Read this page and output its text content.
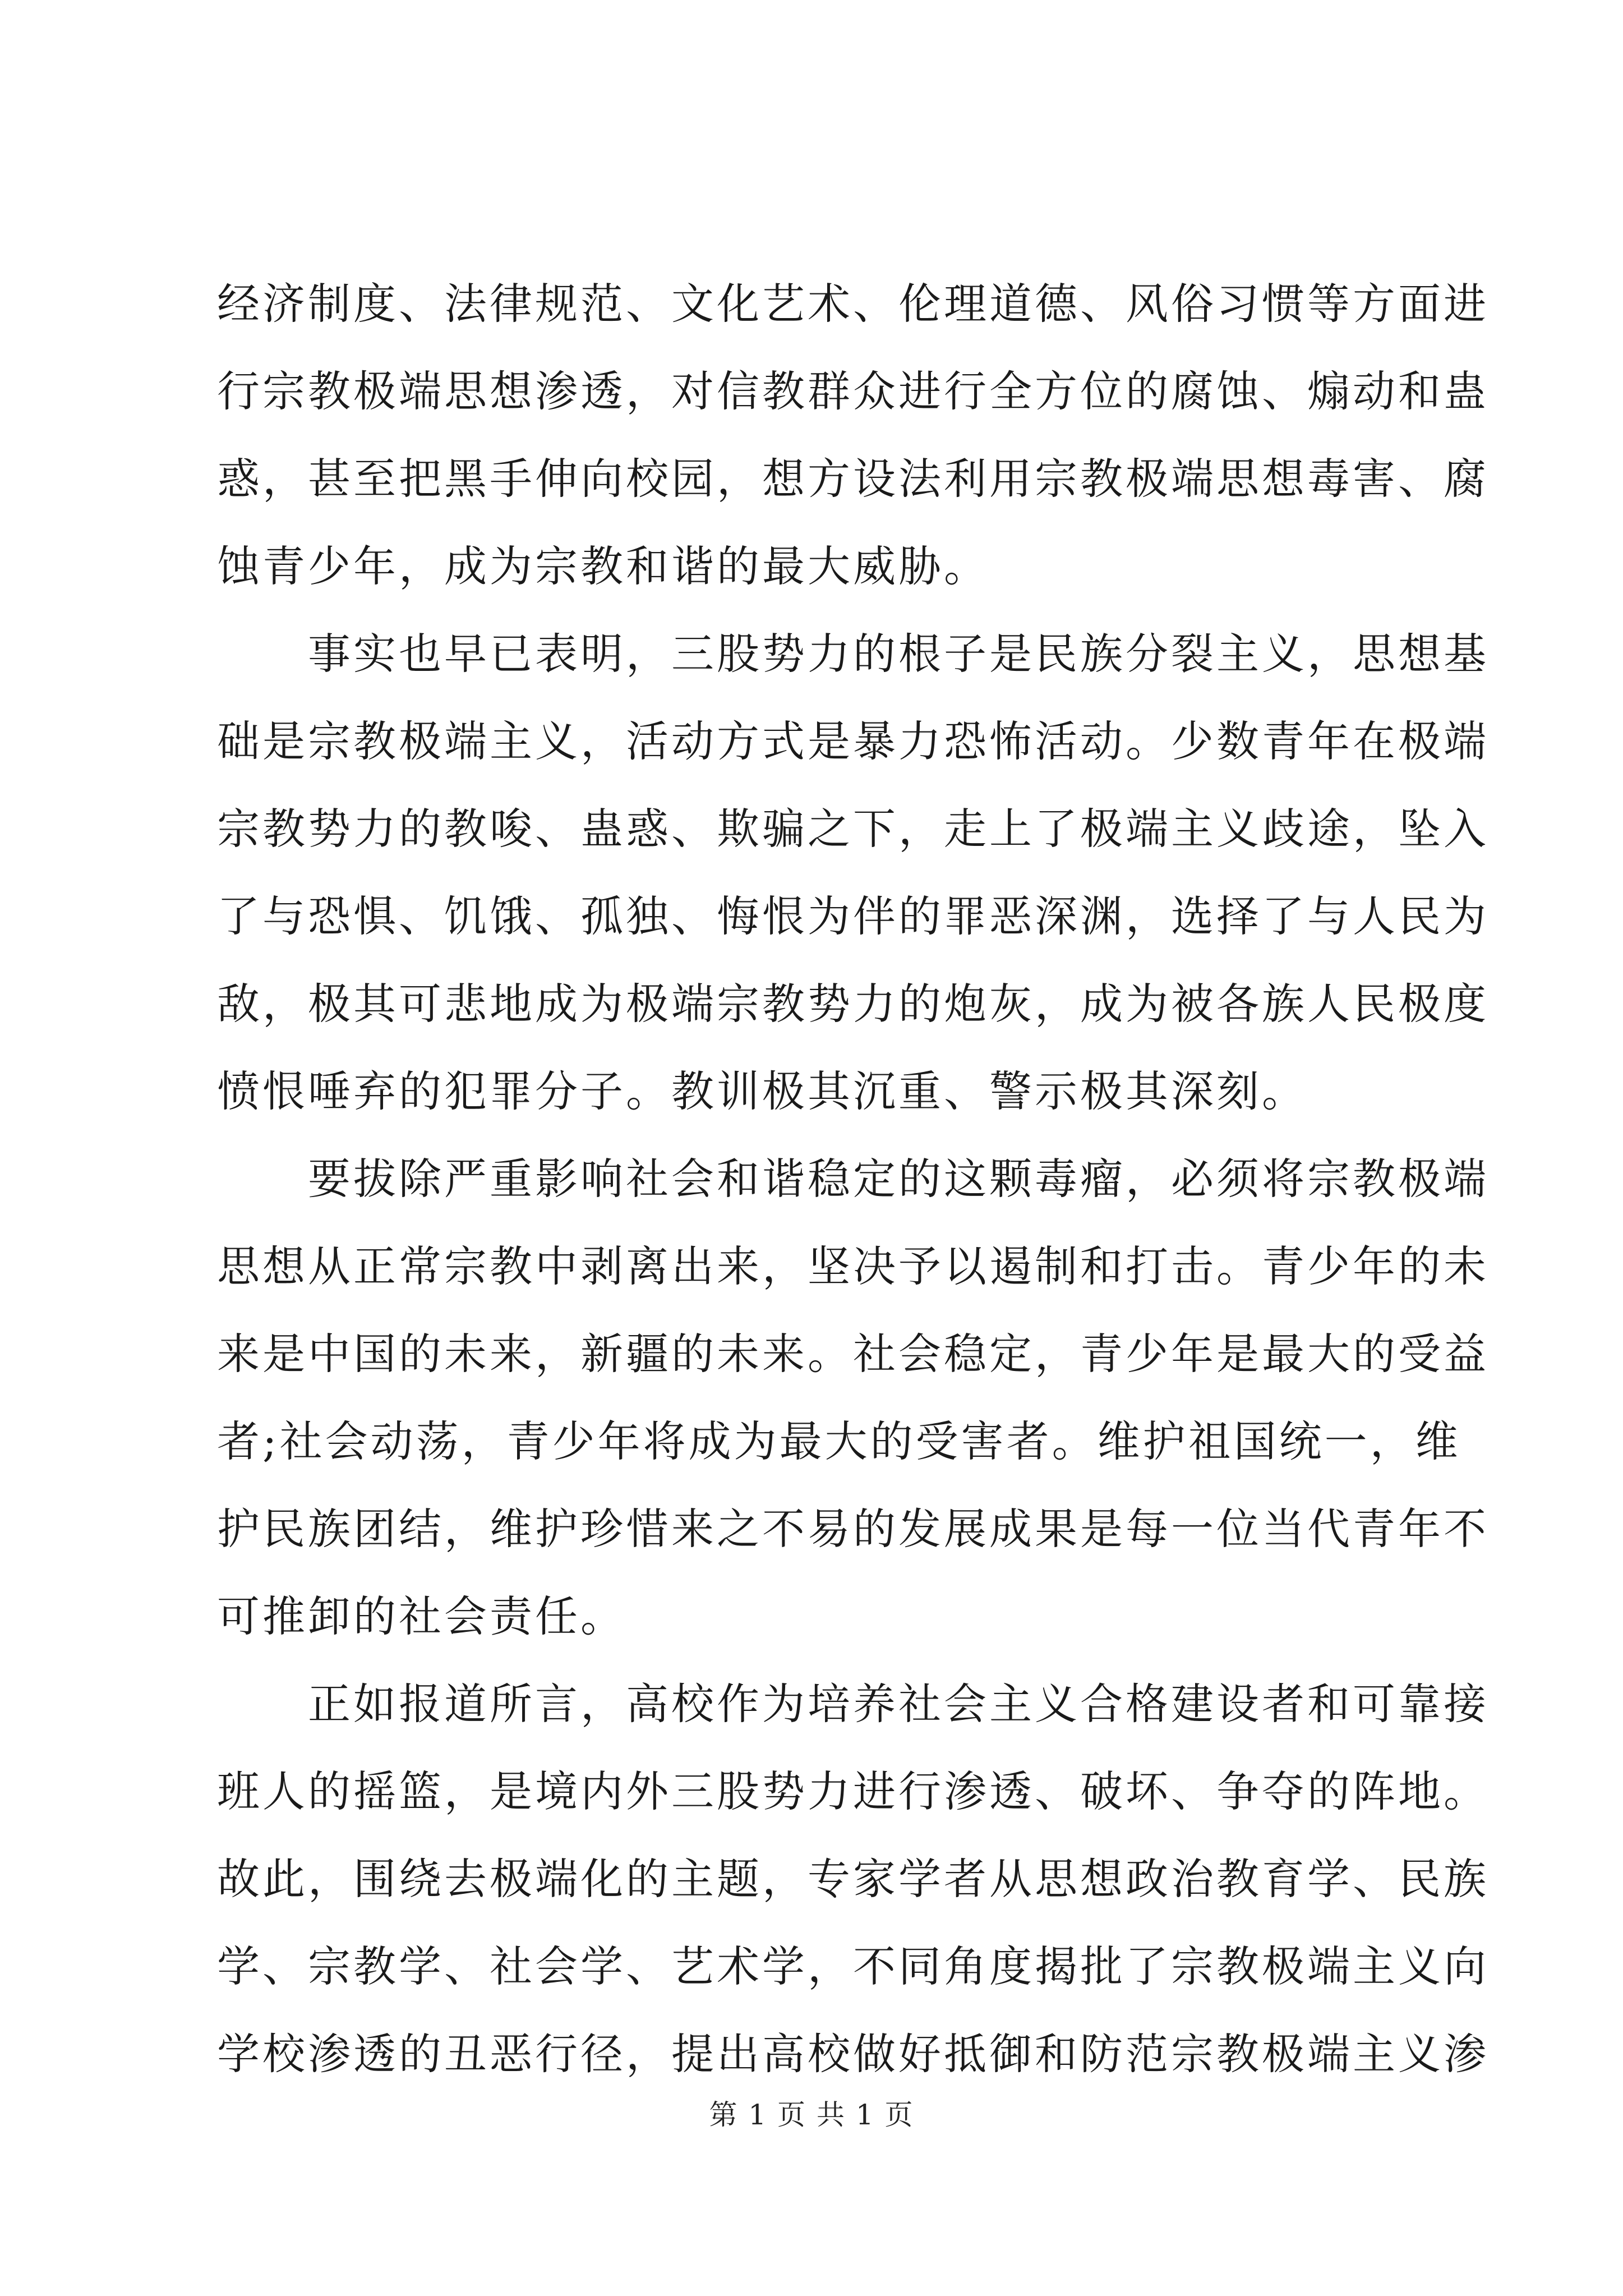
经济制度、法律规范、文化艺术、伦理道德、风俗习惯等方面进
行宗教极端思想渗透，对信教群众进行全方位的腐蚀、煽动和蛊
惑，甚至把黑手伸向校园，想方设法利用宗教极端思想毒害、腐
蚀青少年，成为宗教和谐的最大威胁。

事实也早已表明，三股势力的根子是民族分裂主义，思想基
础是宗教极端主义，活动方式是暴力恐怖活动。少数青年在极端
宗教势力的教唆、蛊惑、欺骗之下，走上了极端主义歧途，坠入
了与恐惧、饥饿、孤独、悔恨为伴的罪恶深渊，选择了与人民为
敌，极其可悲地成为极端宗教势力的炮灰，成为被各族人民极度
愤恨唾弃的犯罪分子。教训极其沉重、警示极其深刻。

要拔除严重影响社会和谐稳定的这颗毒瘤，必须将宗教极端
思想从正常宗教中剥离出来，坚决予以遏制和打击。青少年的未
来是中国的未来，新疆的未来。社会稳定，青少年是最大的受益
者;社会动荡，青少年将成为最大的受害者。维护祖国统一，维
护民族团结，维护珍惜来之不易的发展成果是每一位当代青年不
可推卸的社会责任。

正如报道所言，高校作为培养社会主义合格建设者和可靠接
班人的摇篮，是境内外三股势力进行渗透、破坏、争夺的阵地。
故此，围绕去极端化的主题，专家学者从思想政治教育学、民族
学、宗教学、社会学、艺术学，不同角度揭批了宗教极端主义向
学校渗透的丑恶行径，提出高校做好抵御和防范宗教极端主义渗

第 1 页 共 1 页
